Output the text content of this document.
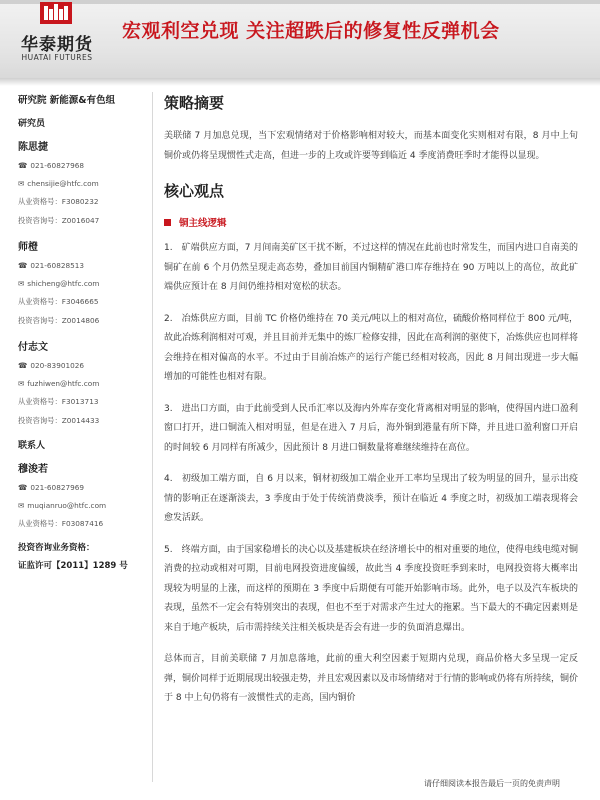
华泰期货
HUATAI FUTURES
宏观利空兑现 关注超跌后的修复性反弹机会
研究院 新能源&有色组
研究员
陈思捷
☎ 021-60827968
✉ chensijie@htfc.com
从业资格号：F3080232
投资咨询号：Z0016047
师橙
☎ 021-60828513
✉ shicheng@htfc.com
从业资格号：F3046665
投资咨询号：Z0014806
付志文
☎ 020-83901026
✉ fuzhiwen@htfc.com
从业资格号：F3013713
投资咨询号：Z0014433
联系人
穆浚若
☎ 021-60827969
✉ muqianruo@htfc.com
从业资格号：F03087416
投资咨询业务资格：
证监许可【2011】1289 号
策略摘要
美联储 7 月加息兑现，当下宏观情绪对于价格影响相对较大，而基本面变化实则相对有限，8 月中上旬铜价或仍将呈现惯性式走高，但进一步的上攻或许要等到临近 4 季度消费旺季时才能得以显现。
核心观点
铜主线逻辑
1.　矿端供应方面，7 月间南美矿区干扰不断，不过这样的情况在此前也时常发生，而国内进口自南美的铜矿在前 6 个月仍然呈现走高态势，叠加目前国内铜精矿港口库存维持在 90 万吨以上的高位，故此矿端供应预计在 8 月间仍维持相对宽松的状态。
2.　冶炼供应方面，目前 TC 价格仍维持在 70 美元/吨以上的相对高位，硫酸价格同样位于 800 元/吨，故此冶炼利润相对可观，并且目前并无集中的炼厂检修安排，因此在高利润的驱使下，冶炼供应也同样将会维持在相对偏高的水平。不过由于目前冶炼产的运行产能已经相对较高，因此 8 月间出现进一步大幅增加的可能性也相对有限。
3.　进出口方面，由于此前受到人民币汇率以及海内外库存变化背离相对明显的影响，使得国内进口盈利窗口打开，进口铜流入相对明显，但是在进入 7 月后，海外铜到港量有所下降，并且进口盈利窗口开启的时间较 6 月同样有所减少，因此预计 8 月进口铜数量将难继续维持在高位。
4.　初级加工端方面，自 6 月以来，铜材初级加工端企业开工率均呈现出了较为明显的回升，显示出疫情的影响正在逐渐淡去，3 季度由于处于传统消费淡季，预计在临近 4 季度之时，初级加工端表现将会愈发活跃。
5.　终端方面，由于国家稳增长的决心以及基建板块在经济增长中的相对重要的地位，使得电线电缆对铜消费的拉动或相对可期，目前电网投资进度偏缓，故此当 4 季度投资旺季到来时，电网投资将大概率出现较为明显的上涨，而这样的预期在 3 季度中后期便有可能开始影响市场。此外，电子以及汽车板块的表现，虽然不一定会有特别突出的表现，但也不至于对需求产生过大的拖累。当下最大的不确定因素则是来自于地产板块，后市需持续关注相关板块是否会有进一步的负面消息爆出。
总体而言，目前美联储 7 月加息落地，此前的重大利空因素于短期内兑现，商品价格大多呈现一定反弹，铜价同样于近期展现出较强走势，并且宏观因素以及市场情绪对于行情的影响或仍将有所持续，铜价于 8 中上旬仍将有一波惯性式的走高，国内铜价
请仔细阅读本报告最后一页的免责声明
